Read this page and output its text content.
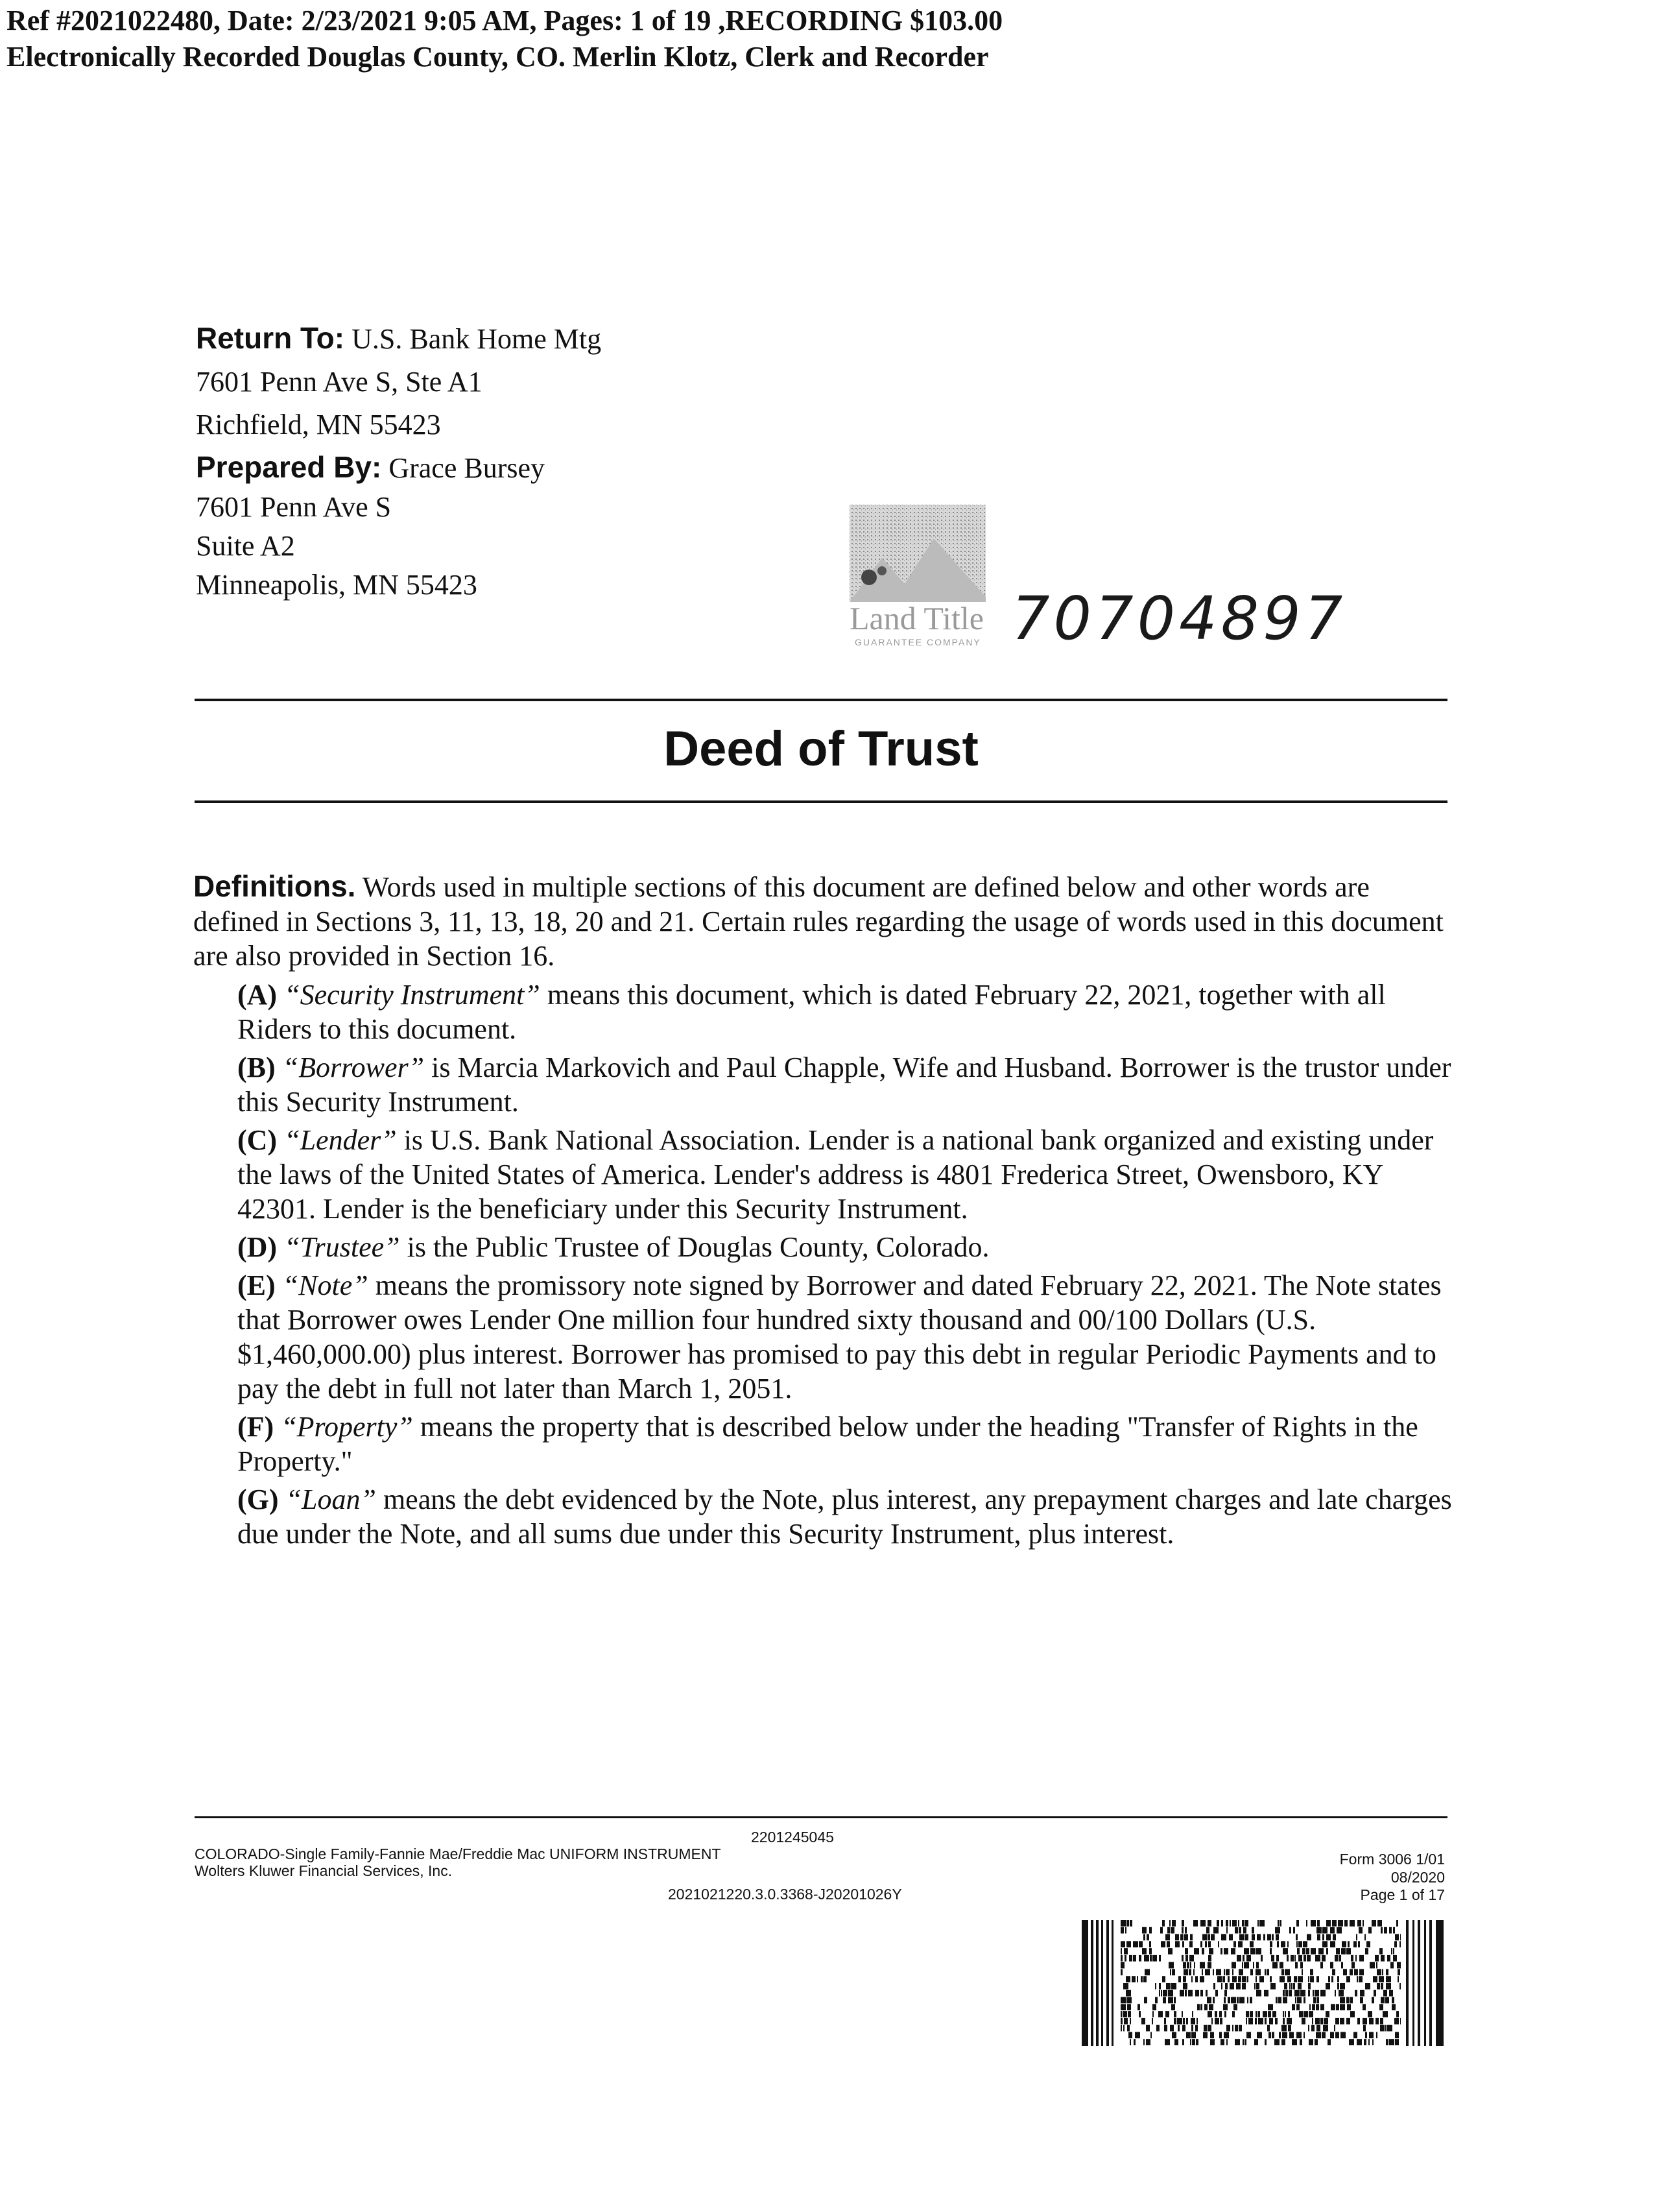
Ref #2021022480, Date: 2/23/2021 9:05 AM, Pages: 1 of 19 ,RECORDING $103.00
Electronically Recorded Douglas County, CO. Merlin Klotz, Clerk and Recorder
Return To: U.S. Bank Home Mtg
7601 Penn Ave S, Ste A1
Richfield, MN 55423
Prepared By: Grace Bursey
7601 Penn Ave S
Suite A2
Minneapolis, MN 55423
Land Title
GUARANTEE COMPANY 70704897
Deed of Trust
Definitions. Words used in multiple sections of this document are defined below and other words are defined in Sections 3, 11, 13, 18, 20 and 21. Certain rules regarding the usage of words used in this document are also provided in Section 16.
(A) “Security Instrument” means this document, which is dated February 22, 2021, together with all Riders to this document.
(B) “Borrower” is Marcia Markovich and Paul Chapple, Wife and Husband. Borrower is the trustor under this Security Instrument.
(C) “Lender” is U.S. Bank National Association. Lender is a national bank organized and existing under the laws of the United States of America. Lender's address is 4801 Frederica Street, Owensboro, KY 42301. Lender is the beneficiary under this Security Instrument.
(D) “Trustee” is the Public Trustee of Douglas County, Colorado.
(E) “Note” means the promissory note signed by Borrower and dated February 22, 2021. The Note states that Borrower owes Lender One million four hundred sixty thousand and 00/100 Dollars (U.S. $1,460,000.00) plus interest. Borrower has promised to pay this debt in regular Periodic Payments and to pay the debt in full not later than March 1, 2051.
(F) “Property” means the property that is described below under the heading "Transfer of Rights in the Property."
(G) “Loan” means the debt evidenced by the Note, plus interest, any prepayment charges and late charges due under the Note, and all sums due under this Security Instrument, plus interest.
2201245045
COLORADO-Single Family-Fannie Mae/Freddie Mac UNIFORM INSTRUMENT
Wolters Kluwer Financial Services, Inc.
2021021220.3.0.3368-J20201026Y
Form 3006 1/01
08/2020
Page 1 of 17
